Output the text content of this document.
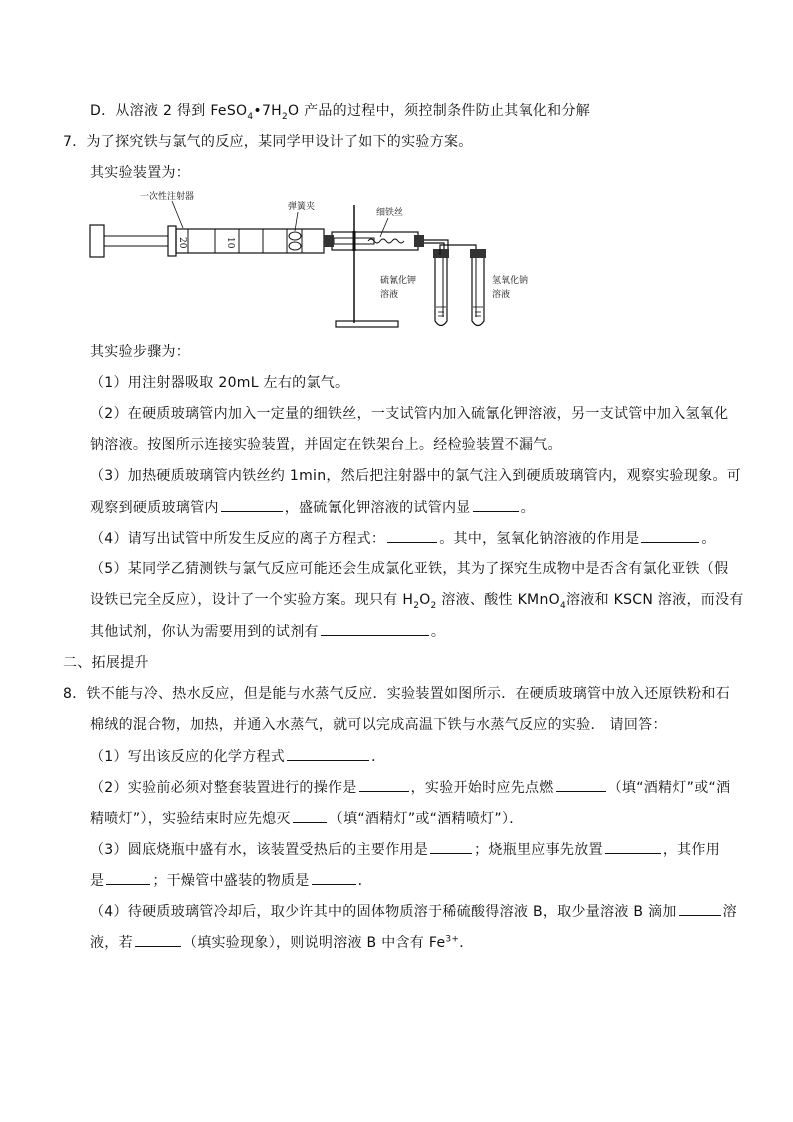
D．从溶液 2 得到 $FeSO_4•7H_2O$ 产品的过程中，须控制条件防止其氧化和分解
7．为了探究铁与氯气的反应，某同学甲设计了如下的实验方案。
其实验装置为：
20	10
一次性注射器
弹簧夹
细铁丝
硫氰化钾
溶液
氢氧化钠
溶液
其实验步骤为：
（1）用注射器吸取 20mL 左右的氯气。
（2）在硬质玻璃管内加入一定量的细铁丝，一支试管内加入硫氰化钾溶液，另一支试管中加入氢氧化
钠溶液。按图所示连接实验装置，并固定在铁架台上。经检验装置不漏气。
（3）加热硬质玻璃管内铁丝约 1min，然后把注射器中的氯气注入到硬质玻璃管内，观察实验现象。可
观察到硬质玻璃管内	，盛硫氰化钾溶液的试管内显	。
（4）请写出试管中所发生反应的离子方程式：	。其中，氢氧化钠溶液的作用是	。
（5）某同学乙猜测铁与氯气反应可能还会生成氯化亚铁，其为了探究生成物中是否含有氯化亚铁（假
设铁已完全反应），设计了一个实验方案。现只有 $H_2O_2$ 溶液、酸性 KMnO$_4$溶液和 KSCN 溶液，而没有
其他试剂，你认为需要用到的试剂有	。
二、拓展提升
8．铁不能与冷、热水反应，但是能与水蒸气反应．实验装置如图所示．在硬质玻璃管中放入还原铁粉和石
棉绒的混合物，加热，并通入水蒸气，就可以完成高温下铁与水蒸气反应的实验． 请回答：
（1）写出该反应的化学方程式	．
（2）实验前必须对整套装置进行的操作是	，实验开始时应先点燃	（填“酒精灯”或“酒
精喷灯”），实验结束时应先熄灭	（填“酒精灯”或“酒精喷灯”）．
（3）圆底烧瓶中盛有水，该装置受热后的主要作用是	；烧瓶里应事先放置	，其作用
是	；干燥管中盛装的物质是	．
（4）待硬质玻璃管冷却后，取少许其中的固体物质溶于稀硫酸得溶液 B，取少量溶液 B 滴加	溶
液，若	（填实验现象），则说明溶液 B 中含有 $Fe^{3+}$．
